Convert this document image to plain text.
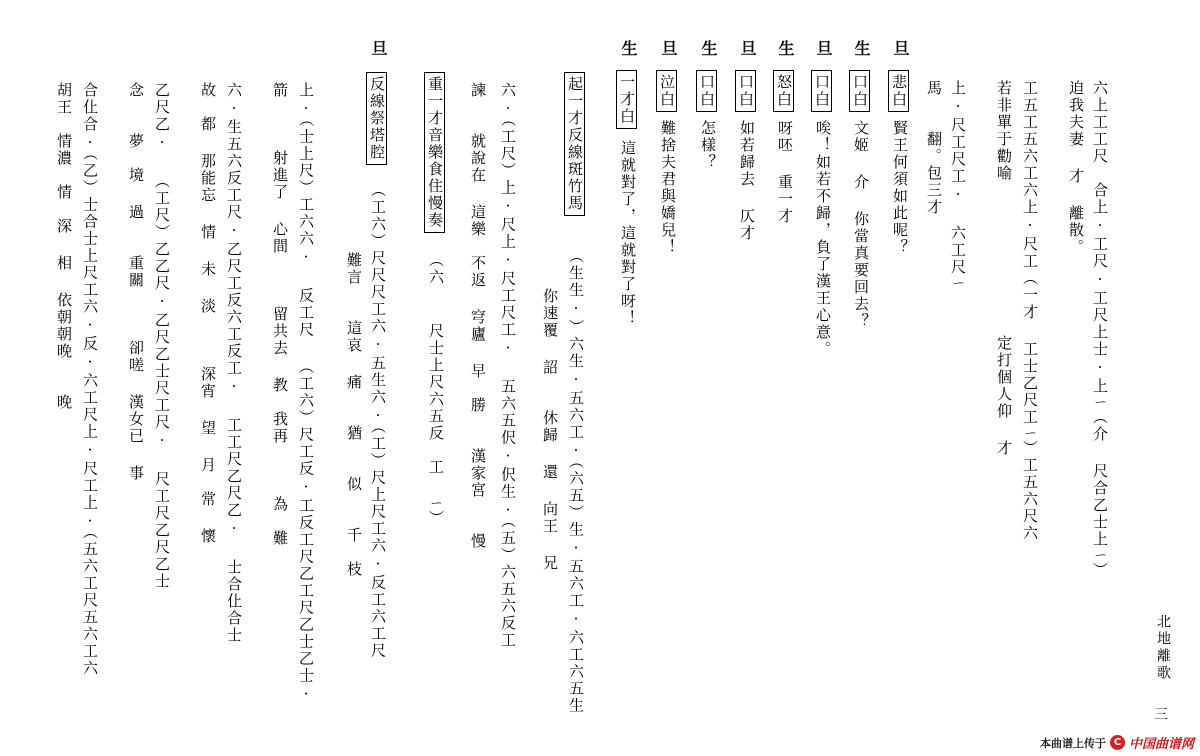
北地離歌
三
六上工工尺　合上·工尺·工尺上士·上ㄧ（介 尺合乙士上ㄧ）
迫我夫妻 才 離散。
工五工五六工六上·尺工（一才 工士乙尺工ㄧ）工五六尺六
若非單于勸喻　　　　　　　　　定打個人仰 才
上·尺工尺工· 六工尺ㄧ
馬　　翻。包三才
旦
悲白
賢王何須如此呢？
生
口白
文姬 介 你當真要回去？
旦
口白
唉！如若不歸，負了漢王心意。
生
怒白
呀呸 重一才
旦
口白
如若歸去 仄才
生
口白
怎樣？
旦
泣白
難捨夫君與嬌兒！
生
一才白
這就對了，這就對了呀！
起一才反線斑竹馬
（生生·）六生·五六工·（六五）生·五六工·六工六五生
你速覆 詔　　休歸 還 向王 兄
六·（工尺）上·尺上·尺工尺工· 五六五伬·伬生·（五）六五六反工
諫　　就說在 這樂　不返 穹廬 早　勝　　漢家宮　　慢
重一才音樂食住慢奏
（六　 尺士上尺六五反　工 ㄧ）
旦
反線祭塔腔
（工六）尺尺尺工六·五生六·（工）尺上尺工六·反工六工尺
難言　　這哀 痛　　猶　　似　　千　枝
上·（士上尺）工六六· 反工尺 （工六）尺工反·工反工尺乙工尺乙士乙士·
箭　　　射進了 心間　　　留共去 教　我再　　　為　難
六·生五六反工尺·乙尺工反六工反工· 工工尺乙尺乙· 士合仩合士
故　都 那能忘 情 未 淡　　　深宵 望 月　常 懷
乙尺乙· （工尺）乙乙尺·乙尺乙士尺工尺· 尺工尺乙尺乙士
念　　夢　境 過　　重關　　　卻嗟 漢女已 事
合仩合·（乙）士合士上尺工六·反·六工尺上·尺工上·（五六工尺五六工六
胡王　情濃　情　深 相 依朝朝晚　　晚
本曲谱上传于 C 中国曲谱网
